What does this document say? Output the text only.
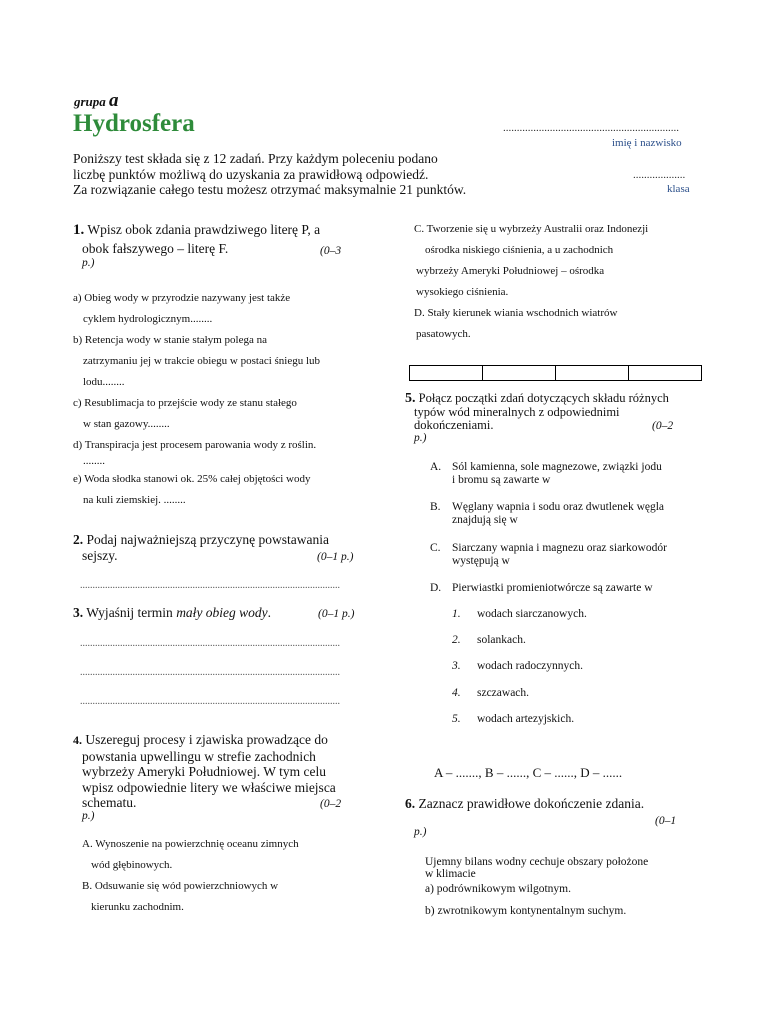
grupa a
Hydrosfera	................................................................
imię i nazwisko
...................
klasa
Poniższy test składa się z 12 zadań. Przy każdym poleceniu podano
liczbę punktów możliwą do uzyskania za prawidłową odpowiedź.
Za rozwiązanie całego testu możesz otrzymać maksymalnie 21 punktów.
1. Wpisz obok zdania prawdziwego literę P, a
obok fałszywego – literę F.	(0–3
p.)
a) Obieg wody w przyrodzie nazywany jest także
cyklem hydrologicznym........
b) Retencja wody w stanie stałym polega na
zatrzymaniu jej w trakcie obiegu w postaci śniegu lub
lodu........
c) Resublimacja to przejście wody ze stanu stałego
w stan gazowy........
d) Transpiracja jest procesem parowania wody z roślin.
........
e) Woda słodka stanowi ok. 25% całej objętości wody
na kuli ziemskiej. ........
2. Podaj najważniejszą przyczynę powstawania
sejszy.	(0–1 p.)
........................................................................................................
3. Wyjaśnij termin mały obieg wody.	(0–1 p.)
........................................................................................................
........................................................................................................
........................................................................................................
4. Uszereguj procesy i zjawiska prowadzące do
powstania upwellingu w strefie zachodnich
wybrzeży Ameryki Południowej. W tym celu
wpisz odpowiednie litery we właściwe miejsca
schematu.	(0–2
p.)
A. Wynoszenie na powierzchnię oceanu zimnych
wód głębinowych.
B. Odsuwanie się wód powierzchniowych w
kierunku zachodnim.
C. Tworzenie się u wybrzeży Australii oraz Indonezji
ośrodka niskiego ciśnienia, a u zachodnich
wybrzeży Ameryki Południowej – ośrodka
wysokiego ciśnienia.
D. Stały kierunek wiania wschodnich wiatrów
pasatowych.

5. Połącz początki zdań dotyczących składu różnych
typów wód mineralnych z odpowiednimi
dokończeniami.	(0–2
p.)
A. Sól kamienna, sole magnezowe, związki jodu
i bromu są zawarte w
B. Węglany wapnia i sodu oraz dwutlenek węgla
znajdują się w
C. Siarczany wapnia i magnezu oraz siarkowodór
występują w
D. Pierwiastki promieniotwórcze są zawarte w
1.	wodach siarczanowych.
2.	solankach.
3.	wodach radoczynnych.
4.	szczawach.
5.	wodach artezyjskich.
A – ......., B – ......, C – ......, D – ......
6. Zaznacz prawidłowe dokończenie zdania.
(0–1
p.)
Ujemny bilans wodny cechuje obszary położone
w klimacie
a) podrównikowym wilgotnym.
b) zwrotnikowym kontynentalnym suchym.
